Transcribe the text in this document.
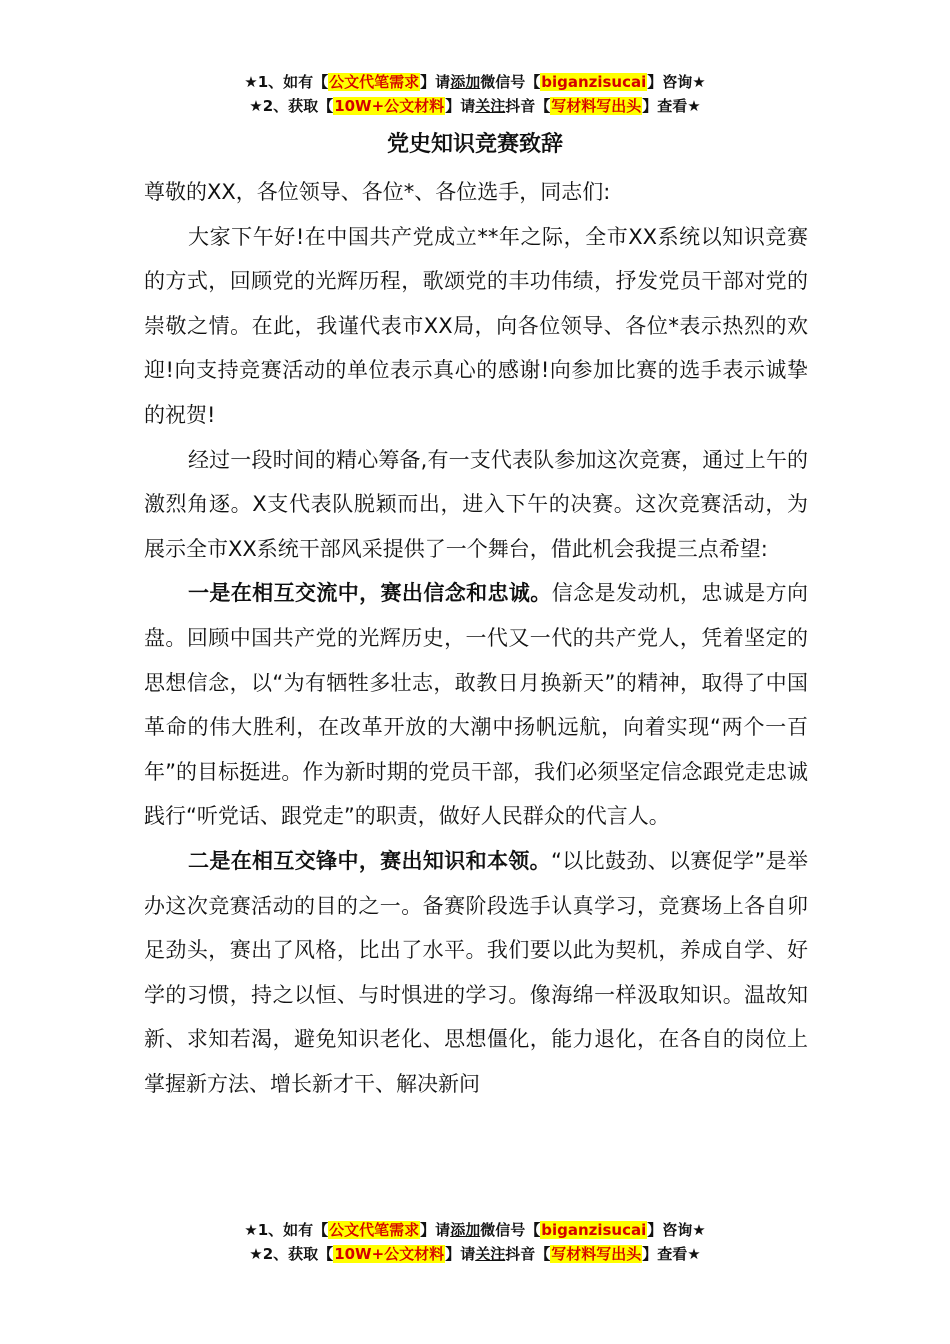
★1、如有【公文代笔需求】请添加微信号【biganzisucai】咨询★
★2、获取【10W+公文材料】请关注抖音【写材料写出头】查看★
党史知识竞赛致辞

尊敬的XX，各位领导、各位*、各位选手，同志们:

大家下午好!在中国共产党成立**年之际，全市XX系统以知识竞赛的方式，回顾党的光辉历程，歌颂党的丰功伟绩，抒发党员干部对党的崇敬之情。在此，我谨代表市XX局，向各位领导、各位*表示热烈的欢迎!向支持竞赛活动的单位表示真心的感谢!向参加比赛的选手表示诚挚的祝贺!

经过一段时间的精心筹备,有一支代表队参加这次竞赛，通过上午的激烈角逐。X支代表队脱颖而出，进入下午的决赛。这次竞赛活动，为展示全市XX系统干部风采提供了一个舞台，借此机会我提三点希望:

一是在相互交流中，赛出信念和忠诚。信念是发动机，忠诚是方向盘。回顾中国共产党的光辉历史，一代又一代的共产党人，凭着坚定的思想信念，以“为有牺牲多壮志，敢教日月换新天”的精神，取得了中国革命的伟大胜利，在改革开放的大潮中扬帆远航，向着实现“两个一百年”的目标挺进。作为新时期的党员干部，我们必须坚定信念跟党走忠诚践行“听党话、跟党走”的职责，做好人民群众的代言人。

二是在相互交锋中，赛出知识和本领。“以比鼓劲、以赛促学”是举办这次竞赛活动的目的之一。备赛阶段选手认真学习，竞赛场上各自卯足劲头，赛出了风格，比出了水平。我们要以此为契机，养成自学、好学的习惯，持之以恒、与时惧进的学习。像海绵一样汲取知识。温故知新、求知若渴，避免知识老化、思想僵化，能力退化，在各自的岗位上掌握新方法、增长新才干、解决新问

★1、如有【公文代笔需求】请添加微信号【biganzisucai】咨询★
★2、获取【10W+公文材料】请关注抖音【写材料写出头】查看★
